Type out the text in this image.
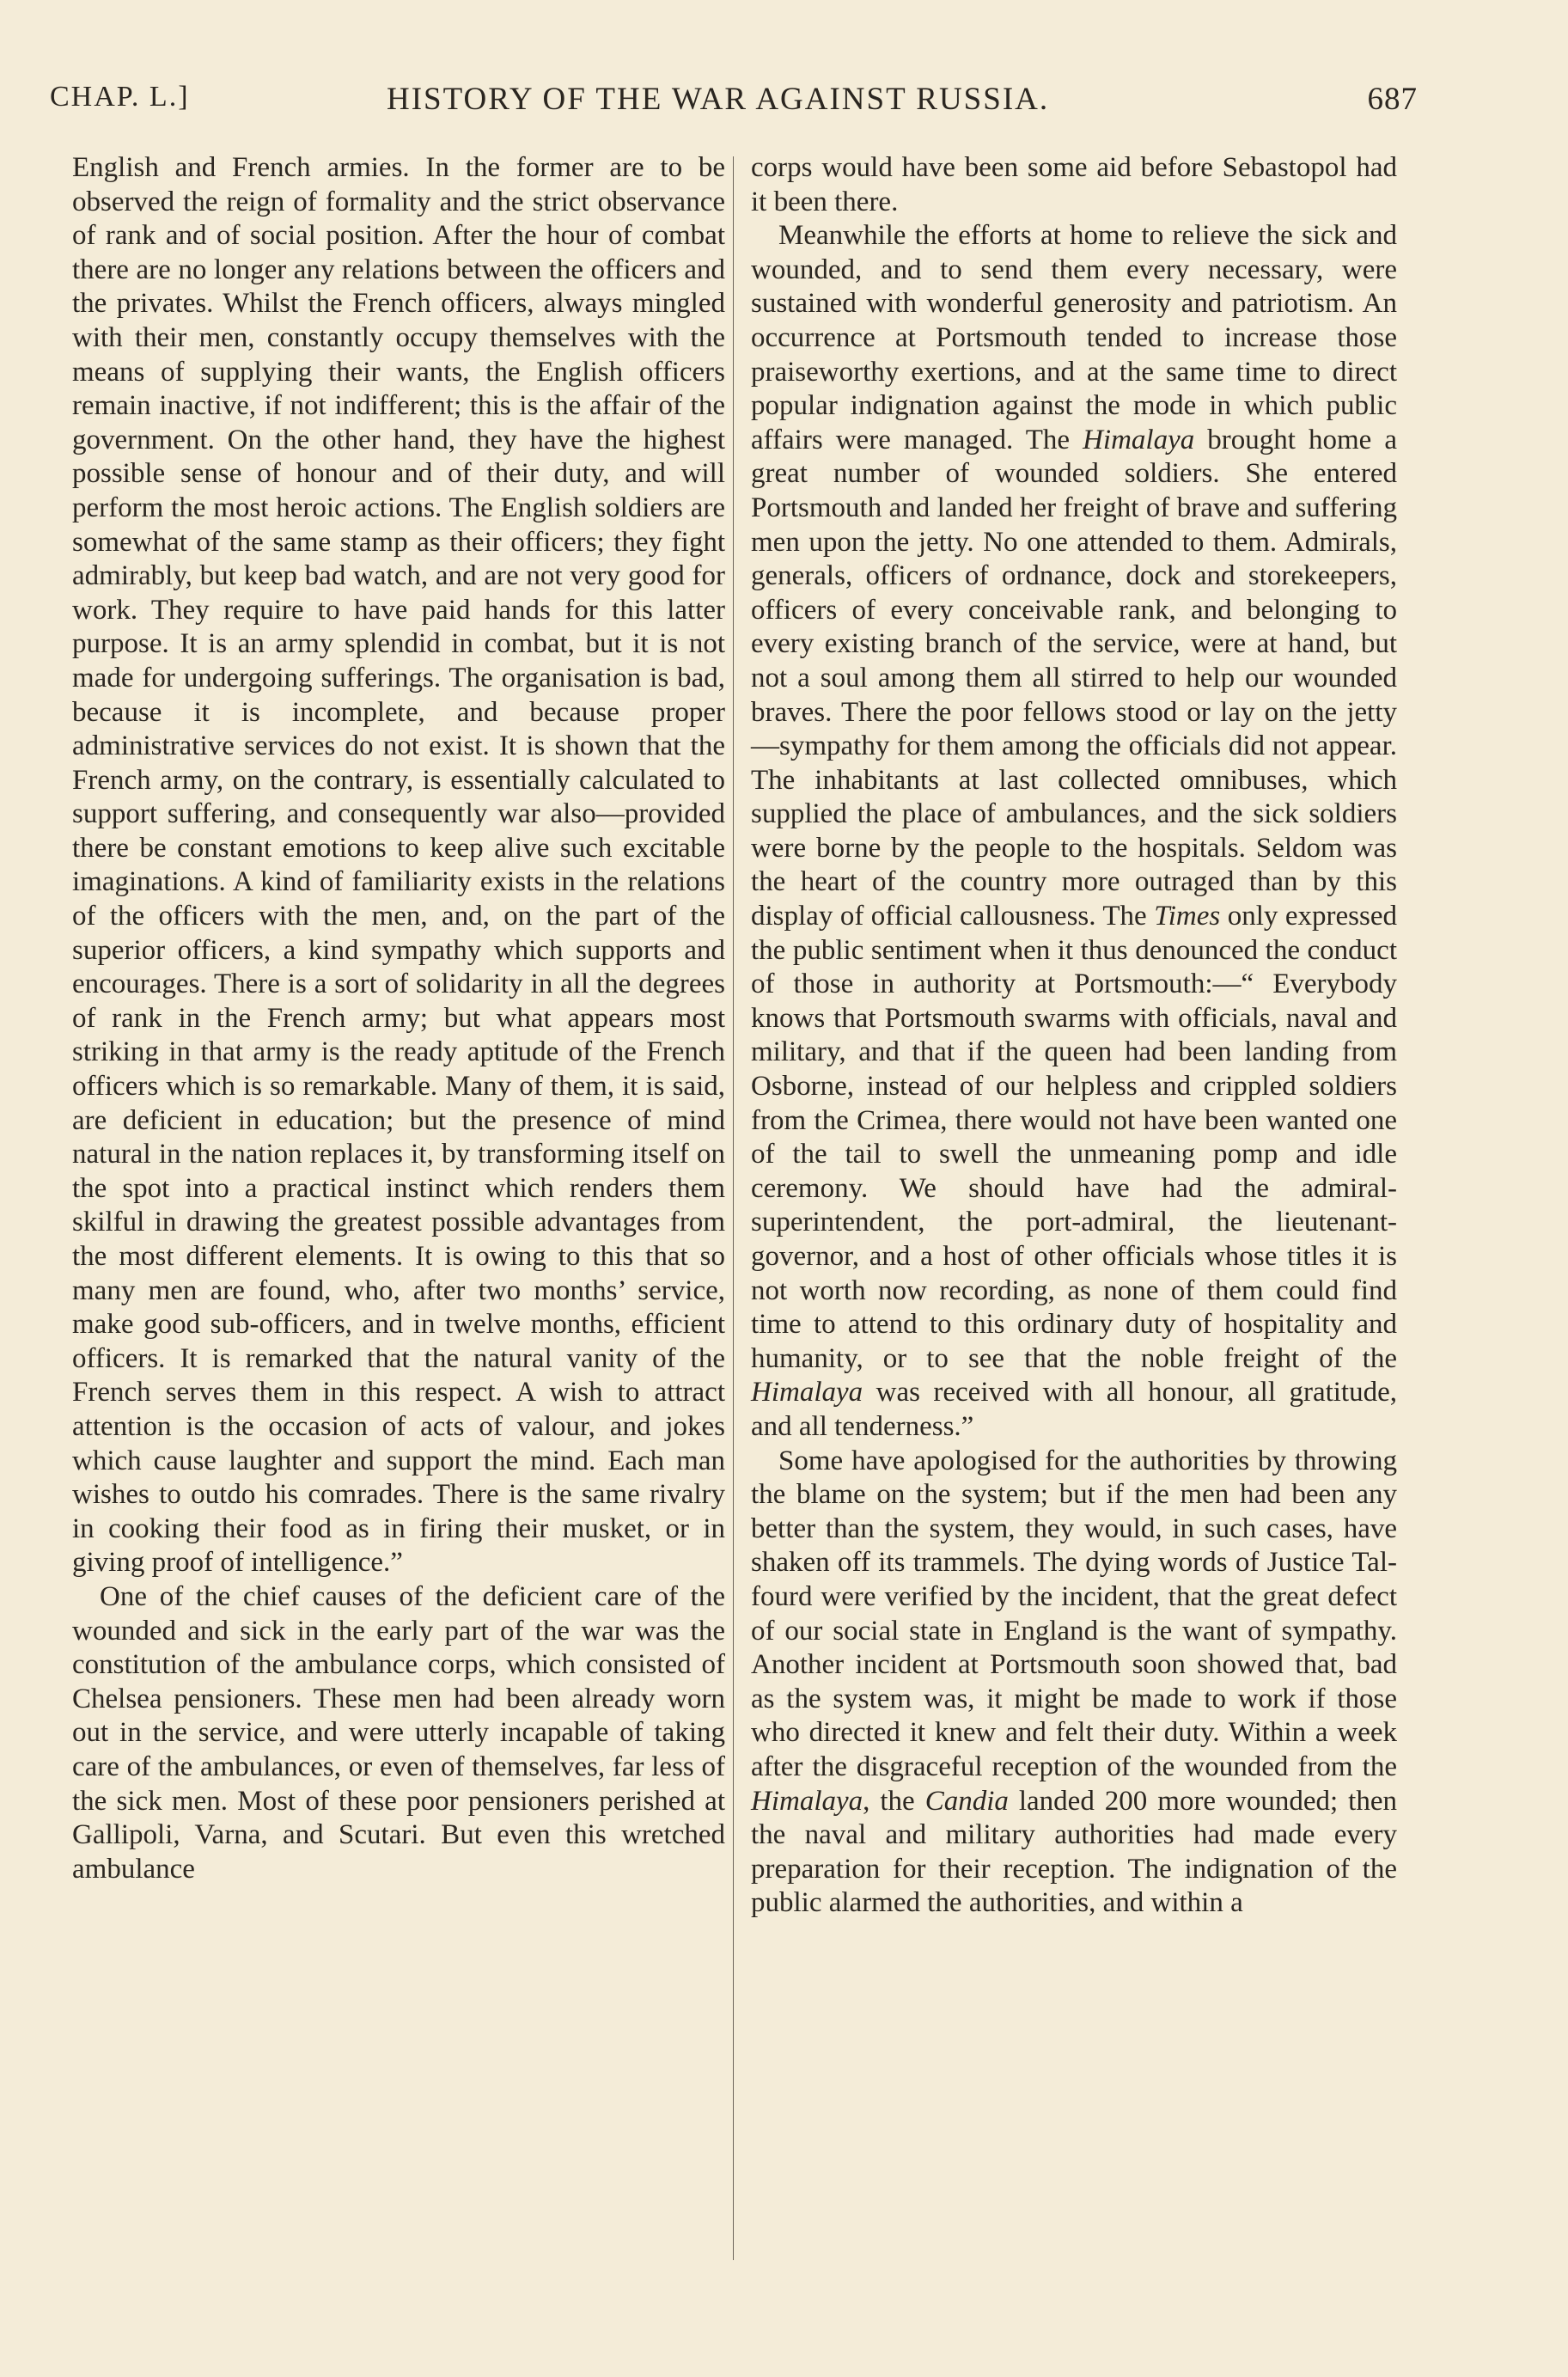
CHAP. L.]	HISTORY OF THE WAR AGAINST RUSSIA.	687

English and French armies. In the former are to be observed the reign of formality and the strict observance of rank and of social position. After the hour of combat there are no longer any relations between the officers and the privates. Whilst the French officers, always mingled with their men, constantly occupy themselves with the means of supplying their wants, the English officers remain inactive, if not indifferent; this is the affair of the government. On the other hand, they have the highest possible sense of honour and of their duty, and will perform the most heroic actions. The English soldiers are somewhat of the same stamp as their officers; they fight admirably, but keep bad watch, and are not very good for work. They require to have paid hands for this latter purpose. It is an army splendid in combat, but it is not made for undergoing sufferings. The organisation is bad, because it is incomplete, and because proper administrative services do not exist. It is shown that the French army, on the contrary, is essentially calculated to support suffering, and consequently war also—provided there be constant emotions to keep alive such excitable imaginations. A kind of familiarity exists in the relations of the officers with the men, and, on the part of the superior officers, a kind sympathy which supports and encourages. There is a sort of solidarity in all the degrees of rank in the French army; but what appears most striking in that army is the ready aptitude of the French officers which is so remarkable. Many of them, it is said, are deficient in education; but the presence of mind natural in the nation replaces it, by transforming itself on the spot into a practical instinct which renders them skilful in drawing the greatest possible advantages from the most different elements. It is owing to this that so many men are found, who, after two months’ service, make good sub-officers, and in twelve months, efficient officers. It is remarked that the natural vanity of the French serves them in this respect. A wish to attract attention is the occasion of acts of valour, and jokes which cause laughter and support the mind. Each man wishes to outdo his comrades. There is the same rivalry in cooking their food as in firing their musket, or in giving proof of intelligence.”

One of the chief causes of the deficient care of the wounded and sick in the early part of the war was the constitution of the ambulance corps, which consisted of Chelsea pensioners. These men had been already worn out in the service, and were utterly incapable of taking care of the ambulances, or even of themselves, far less of the sick men. Most of these poor pensioners perished at Gallipoli, Varna, and Scutari. But even this wretched ambulance

corps would have been some aid before Sebastopol had it been there.

Meanwhile the efforts at home to relieve the sick and wounded, and to send them every necessary, were sustained with wonderful generosity and patriotism. An occurrence at Portsmouth tended to increase those praiseworthy exertions, and at the same time to direct popular indignation against the mode in which public affairs were managed. The Himalaya brought home a great number of wounded soldiers. She entered Portsmouth and landed her freight of brave and suffering men upon the jetty. No one attended to them. Admirals, generals, officers of ordnance, dock and storekeepers, officers of every conceivable rank, and belonging to every existing branch of the service, were at hand, but not a soul among them all stirred to help our wounded braves. There the poor fellows stood or lay on the jetty—sympathy for them among the officials did not appear. The inhabitants at last collected omnibuses, which supplied the place of ambulances, and the sick soldiers were borne by the people to the hospitals. Seldom was the heart of the country more outraged than by this display of official callousness. The Times only expressed the public sentiment when it thus denounced the conduct of those in authority at Portsmouth:—“ Everybody knows that Portsmouth swarms with officials, naval and military, and that if the queen had been landing from Osborne, instead of our helpless and crippled soldiers from the Crimea, there would not have been wanted one of the tail to swell the unmeaning pomp and idle ceremony. We should have had the admiral-superintendent, the port-admiral, the lieutenant-governor, and a host of other officials whose titles it is not worth now recording, as none of them could find time to attend to this ordinary duty of hospitality and humanity, or to see that the noble freight of the Himalaya was received with all honour, all gratitude, and all tenderness.”

Some have apologised for the authorities by throwing the blame on the system; but if the men had been any better than the system, they would, in such cases, have shaken off its trammels. The dying words of Justice Talfourd were verified by the incident, that the great defect of our social state in England is the want of sympathy. Another incident at Portsmouth soon showed that, bad as the system was, it might be made to work if those who directed it knew and felt their duty. Within a week after the disgraceful reception of the wounded from the Himalaya, the Candia landed 200 more wounded; then the naval and military authorities had made every preparation for their reception. The indignation of the public alarmed the authorities, and within a
